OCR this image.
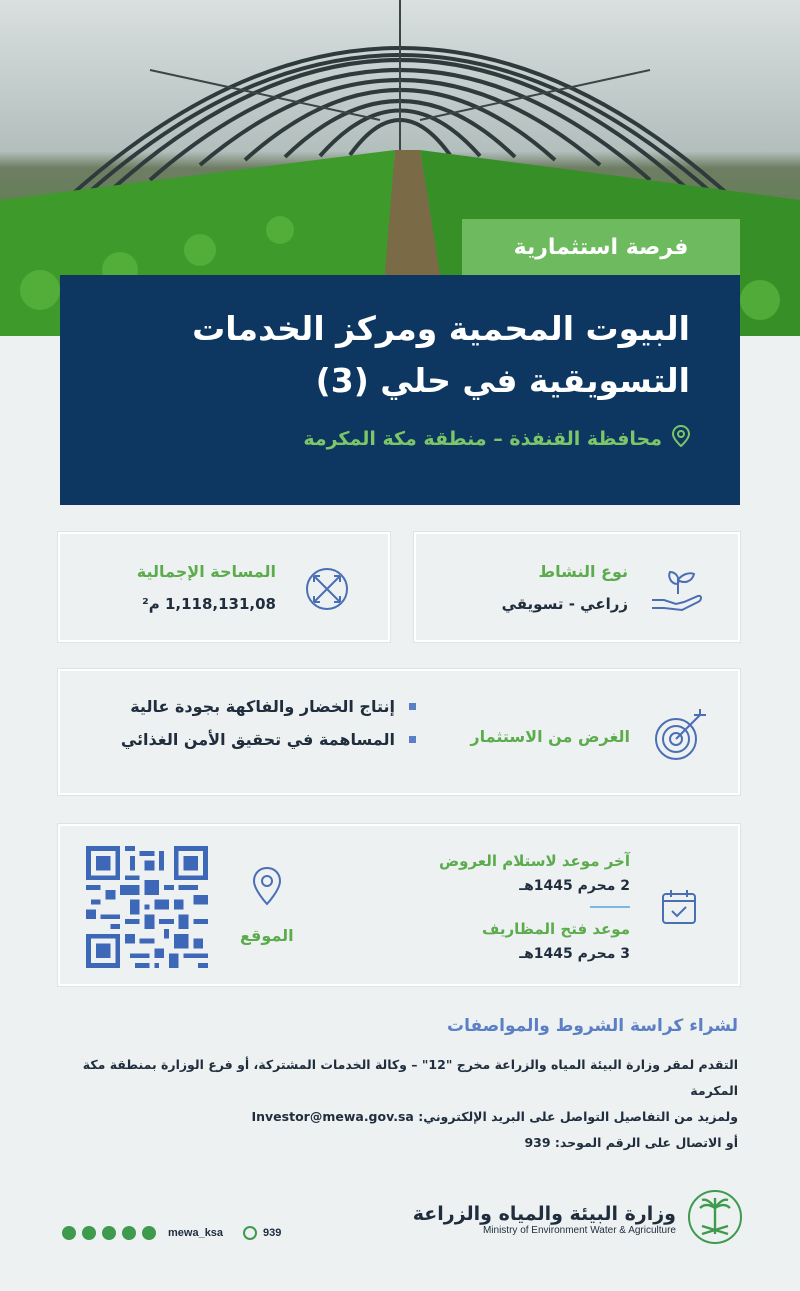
فرصة استثمارية
البيوت المحمية ومركز الخدمات
التسويقية في حلي (3)
محافظة القنفذة – منطقة مكة المكرمة
نوع النشاط
زراعي - تسويقي
المساحة الإجمالية
1,118,131,08 م²
الغرض من الاستثمار
إنتاج الخضار والفاكهة بجودة عالية
المساهمة في تحقيق الأمن الغذائي
آخر موعد لاستلام العروض
2 محرم 1445هـ
موعد فتح المظاريف
3 محرم 1445هـ
الموقع
لشراء كراسة الشروط والمواصفات

التقدم لمقر وزارة البيئة المياه والزراعة مخرج "12" – وكالة الخدمات المشتركة، أو فرع الوزارة بمنطقة مكة المكرمة

ولمزيد من التفاصيل التواصل على البريد الإلكتروني: Investor@mewa.gov.sa

أو الاتصال على الرقم الموحد: 939

وزارة البيئة والمياه والزراعة
Ministry of Environment Water & Agriculture
mewa_ksa	939
